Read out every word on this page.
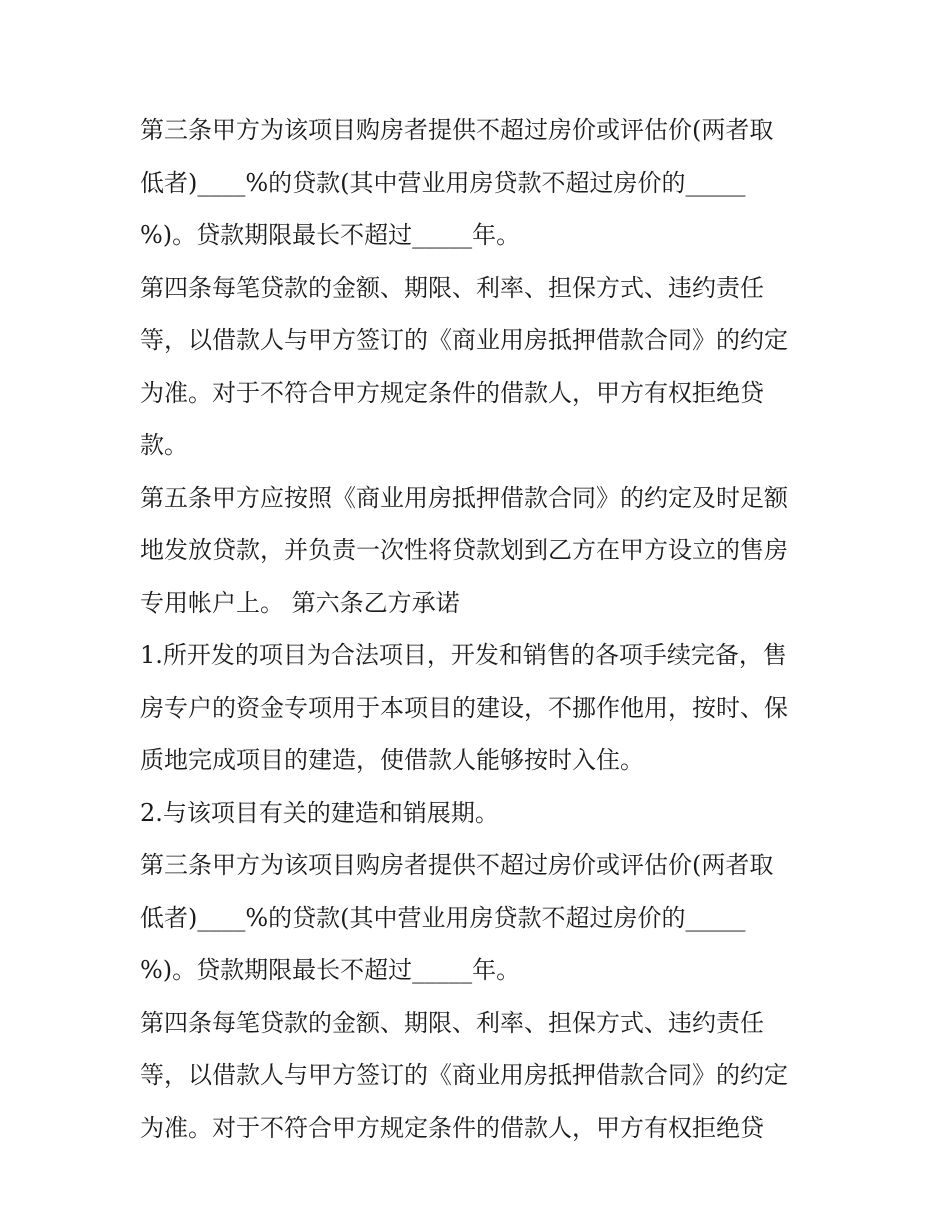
第三条甲方为该项目购房者提供不超过房价或评估价(两者取
低者)____%的贷款(其中营业用房贷款不超过房价的_____
%)。贷款期限最长不超过_____年。
第四条每笔贷款的金额、期限、利率、担保方式、违约责任
等，以借款人与甲方签订的《商业用房抵押借款合同》的约定
为准。对于不符合甲方规定条件的借款人，甲方有权拒绝贷
款。
第五条甲方应按照《商业用房抵押借款合同》的约定及时足额
地发放贷款，并负责一次性将贷款划到乙方在甲方设立的售房
专用帐户上。 第六条乙方承诺
1.所开发的项目为合法项目，开发和销售的各项手续完备，售
房专户的资金专项用于本项目的建设，不挪作他用，按时、保
质地完成项目的建造，使借款人能够按时入住。
2.与该项目有关的建造和销展期。
第三条甲方为该项目购房者提供不超过房价或评估价(两者取
低者)____%的贷款(其中营业用房贷款不超过房价的_____
%)。贷款期限最长不超过_____年。
第四条每笔贷款的金额、期限、利率、担保方式、违约责任
等，以借款人与甲方签订的《商业用房抵押借款合同》的约定
为准。对于不符合甲方规定条件的借款人，甲方有权拒绝贷
